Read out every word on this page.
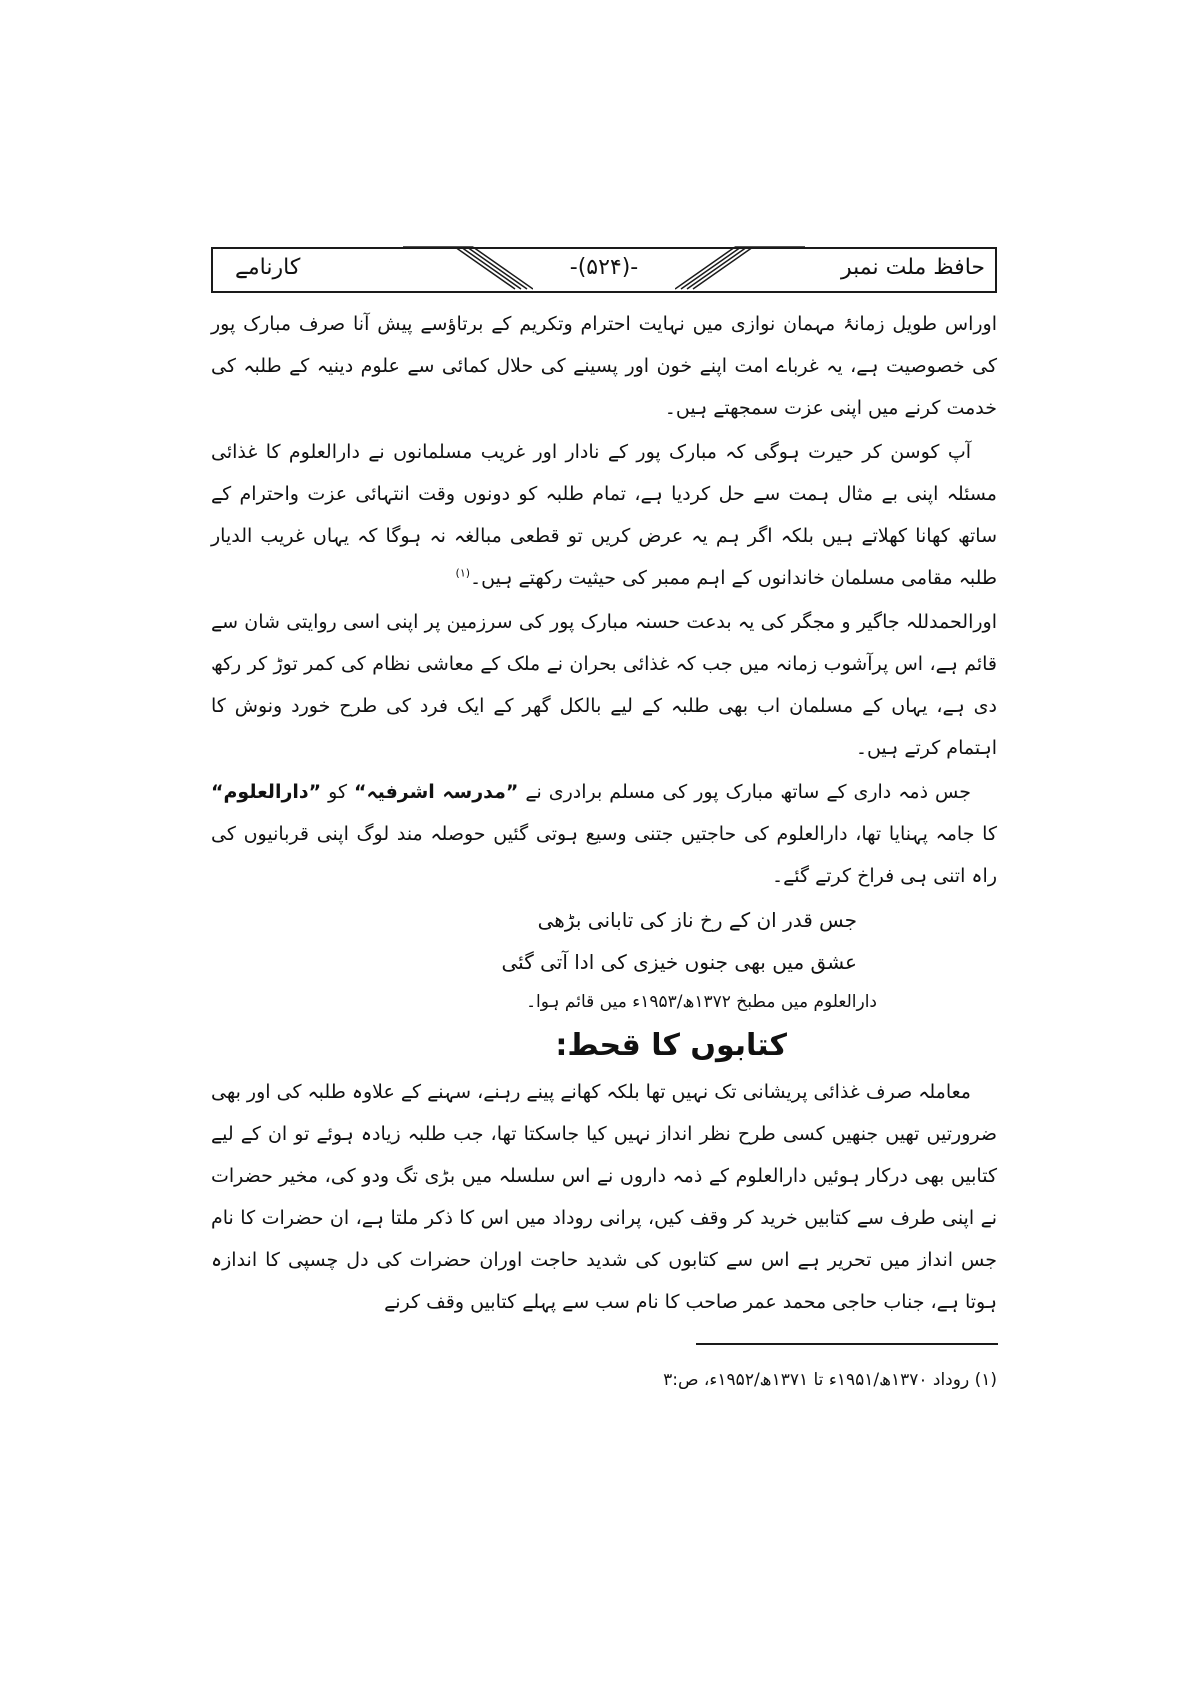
حافظ ملت نمبر
-(۵۲۴)-
کارنامے

اوراس طویل زمانۂ مہمان نوازی میں نہایت احترام وتکریم کے برتاؤسے پیش آنا صرف مبارک پور کی خصوصیت ہے، یہ غرباے امت اپنے خون اور پسینے کی حلال کمائی سے علوم دینیہ کے طلبہ کی خدمت کرنے میں اپنی عزت سمجھتے ہیں۔

آپ کوسن کر حیرت ہوگی کہ مبارک پور کے نادار اور غریب مسلمانوں نے دارالعلوم کا غذائی مسئلہ اپنی بے مثال ہمت سے حل کردیا ہے، تمام طلبہ کو دونوں وقت انتہائی عزت واحترام کے ساتھ کھانا کھلاتے ہیں بلکہ اگر ہم یہ عرض کریں تو قطعی مبالغہ نہ ہوگا کہ یہاں غریب الدیار طلبہ مقامی مسلمان خاندانوں کے اہم ممبر کی حیثیت رکھتے ہیں۔$^{(۱)}$

اورالحمدللہ جاگیر و مجگر کی یہ بدعت حسنہ مبارک پور کی سرزمین پر اپنی اسی روایتی شان سے قائم ہے، اس پرآشوب زمانہ میں جب کہ غذائی بحران نے ملک کے معاشی نظام کی کمر توڑ کر رکھ دی ہے، یہاں کے مسلمان اب بھی طلبہ کے لیے بالکل گھر کے ایک فرد کی طرح خورد ونوش کا اہتمام کرتے ہیں۔

جس ذمہ داری کے ساتھ مبارک پور کی مسلم برادری نے ”مدرسہ اشرفیہ“ کو ”دارالعلوم“ کا جامہ پہنایا تھا، دارالعلوم کی حاجتیں جتنی وسیع ہوتی گئیں حوصلہ مند لوگ اپنی قربانیوں کی راہ اتنی ہی فراخ کرتے گئے۔

جس قدر ان کے رخ ناز کی تابانی بڑھی
عشق میں بھی جنوں خیزی کی ادا آتی گئی
دارالعلوم میں مطبخ ۱۳۷۲ھ/۱۹۵۳ء میں قائم ہوا۔
کتابوں کا قحط:

معاملہ صرف غذائی پریشانی تک نہیں تھا بلکہ کھانے پینے رہنے، سہنے کے علاوہ طلبہ کی اور بھی ضرورتیں تھیں جنھیں کسی طرح نظر انداز نہیں کیا جاسکتا تھا، جب طلبہ زیادہ ہوئے تو ان کے لیے کتابیں بھی درکار ہوئیں دارالعلوم کے ذمہ داروں نے اس سلسلہ میں بڑی تگ ودو کی، مخیر حضرات نے اپنی طرف سے کتابیں خرید کر وقف کیں، پرانی روداد میں اس کا ذکر ملتا ہے، ان حضرات کا نام جس انداز میں تحریر ہے اس سے کتابوں کی شدید حاجت اوران حضرات کی دل چسپی کا اندازہ ہوتا ہے، جناب حاجی محمد عمر صاحب کا نام سب سے پہلے کتابیں وقف کرنے

(۱) روداد ۱۳۷۰ھ/۱۹۵۱ء تا ۱۳۷۱ھ/۱۹۵۲ء، ص:۳
